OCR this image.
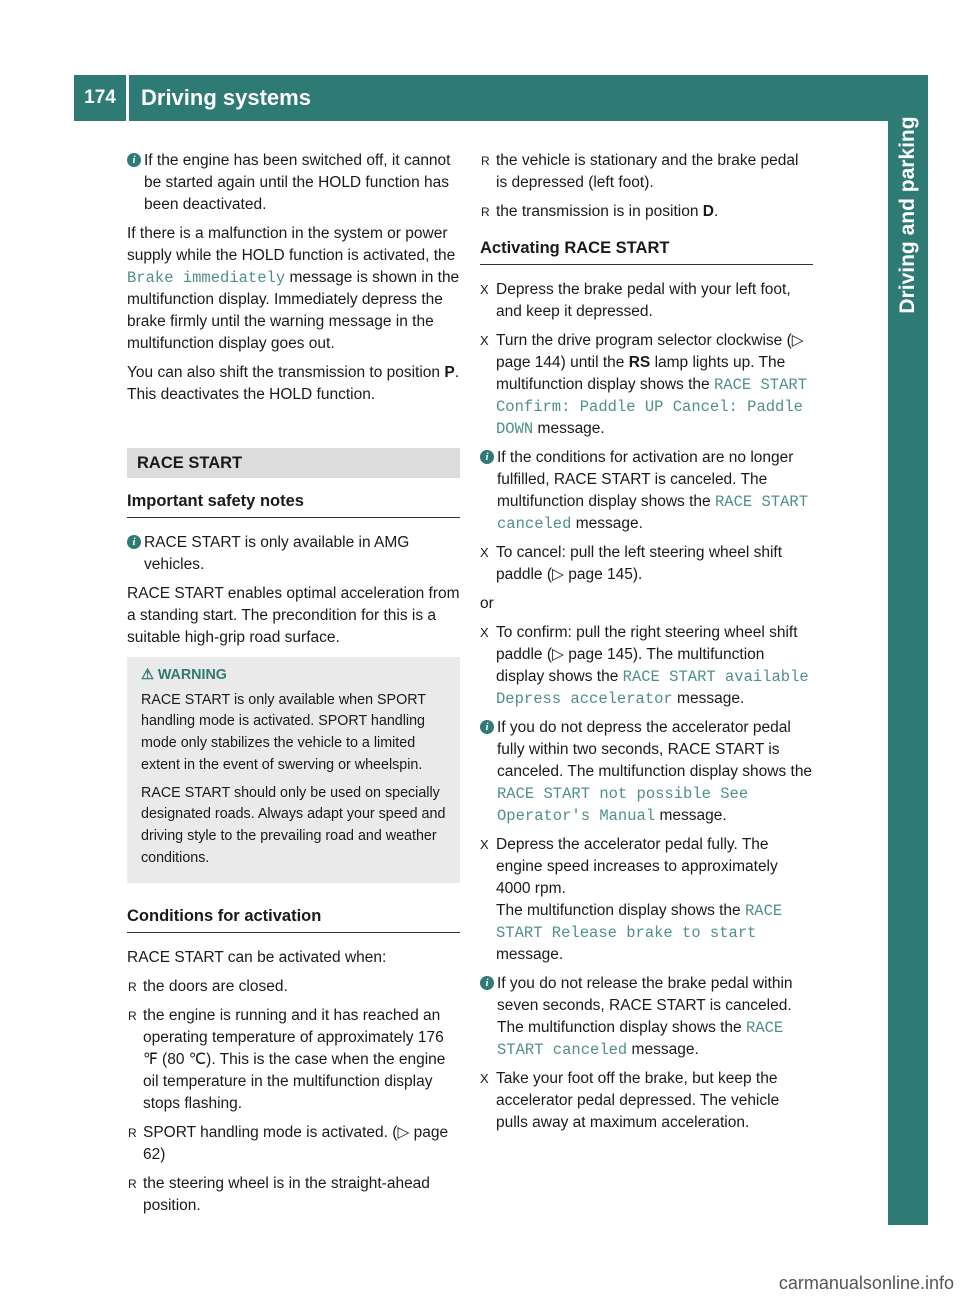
174	Driving systems
Driving and parking
i If the engine has been switched off, it cannot be started again until the HOLD function has been deactivated.

If there is a malfunction in the system or power supply while the HOLD function is activated, the Brake immediately message is shown in the multifunction display. Immediately depress the brake firmly until the warning message in the multifunction display goes out.

You can also shift the transmission to position P. This deactivates the HOLD function.

RACE START
Important safety notes
i RACE START is only available in AMG vehicles.

RACE START enables optimal acceleration from a standing start. The precondition for this is a suitable high-grip road surface.

⚠ WARNING

RACE START is only available when SPORT handling mode is activated. SPORT handling mode only stabilizes the vehicle to a limited extent in the event of swerving or wheelspin.

RACE START should only be used on specially designated roads. Always adapt your speed and driving style to the prevailing road and weather conditions.

Conditions for activation

RACE START can be activated when:

R the doors are closed.
R the engine is running and it has reached an operating temperature of approximately 176 ℉ (80 ℃). This is the case when the engine oil temperature in the multifunction display stops flashing.
R SPORT handling mode is activated. (▷ page 62)
R the steering wheel is in the straight-ahead position.
R the vehicle is stationary and the brake pedal is depressed (left foot).
R the transmission is in position D.
Activating RACE START
X Depress the brake pedal with your left foot, and keep it depressed.
X Turn the drive program selector clockwise (▷ page 144) until the RS lamp lights up. The multifunction display shows the RACE START Confirm: Paddle UP Cancel: Paddle DOWN message.
i If the conditions for activation are no longer fulfilled, RACE START is canceled. The multifunction display shows the RACE START canceled message.
X To cancel: pull the left steering wheel shift paddle (▷ page 145).

or

X To confirm: pull the right steering wheel shift paddle (▷ page 145). The multifunction display shows the RACE START available Depress accelerator message.
i If you do not depress the accelerator pedal fully within two seconds, RACE START is canceled. The multifunction display shows the RACE START not possible See Operator's Manual message.
X Depress the accelerator pedal fully. The engine speed increases to approximately 4000 rpm.
The multifunction display shows the RACE START Release brake to start message.
i If you do not release the brake pedal within seven seconds, RACE START is canceled. The multifunction display shows the RACE START canceled message.
X Take your foot off the brake, but keep the accelerator pedal depressed. The vehicle pulls away at maximum acceleration.
carmanualsonline.info
